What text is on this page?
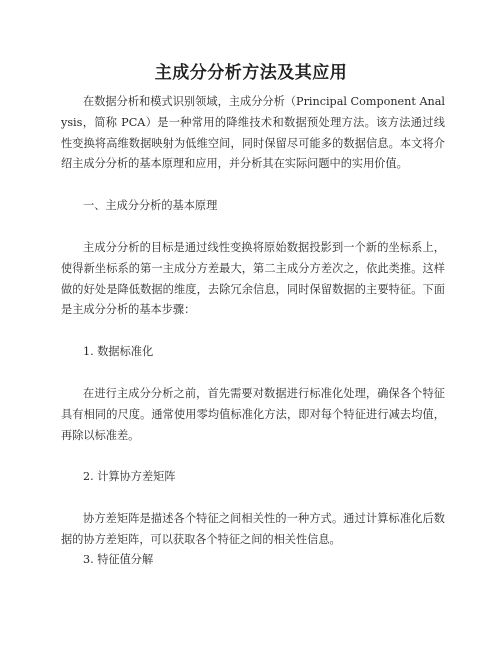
主成分分析方法及其应用
在数据分析和模式识别领域，主成分分析（Principal Component Analysis，简称 PCA）是一种常用的降维技术和数据预处理方法。该方法通过线性变换将高维数据映射为低维空间，同时保留尽可能多的数据信息。本文将介绍主成分分析的基本原理和应用，并分析其在实际问题中的实用价值。
一、主成分分析的基本原理
主成分分析的目标是通过线性变换将原始数据投影到一个新的坐标系上，使得新坐标系的第一主成分方差最大，第二主成分方差次之，依此类推。这样做的好处是降低数据的维度，去除冗余信息，同时保留数据的主要特征。下面是主成分分析的基本步骤：
1. 数据标准化
在进行主成分分析之前，首先需要对数据进行标准化处理，确保各个特征具有相同的尺度。通常使用零均值标准化方法，即对每个特征进行减去均值，再除以标准差。
2. 计算协方差矩阵
协方差矩阵是描述各个特征之间相关性的一种方式。通过计算标准化后数据的协方差矩阵，可以获取各个特征之间的相关性信息。
3. 特征值分解
